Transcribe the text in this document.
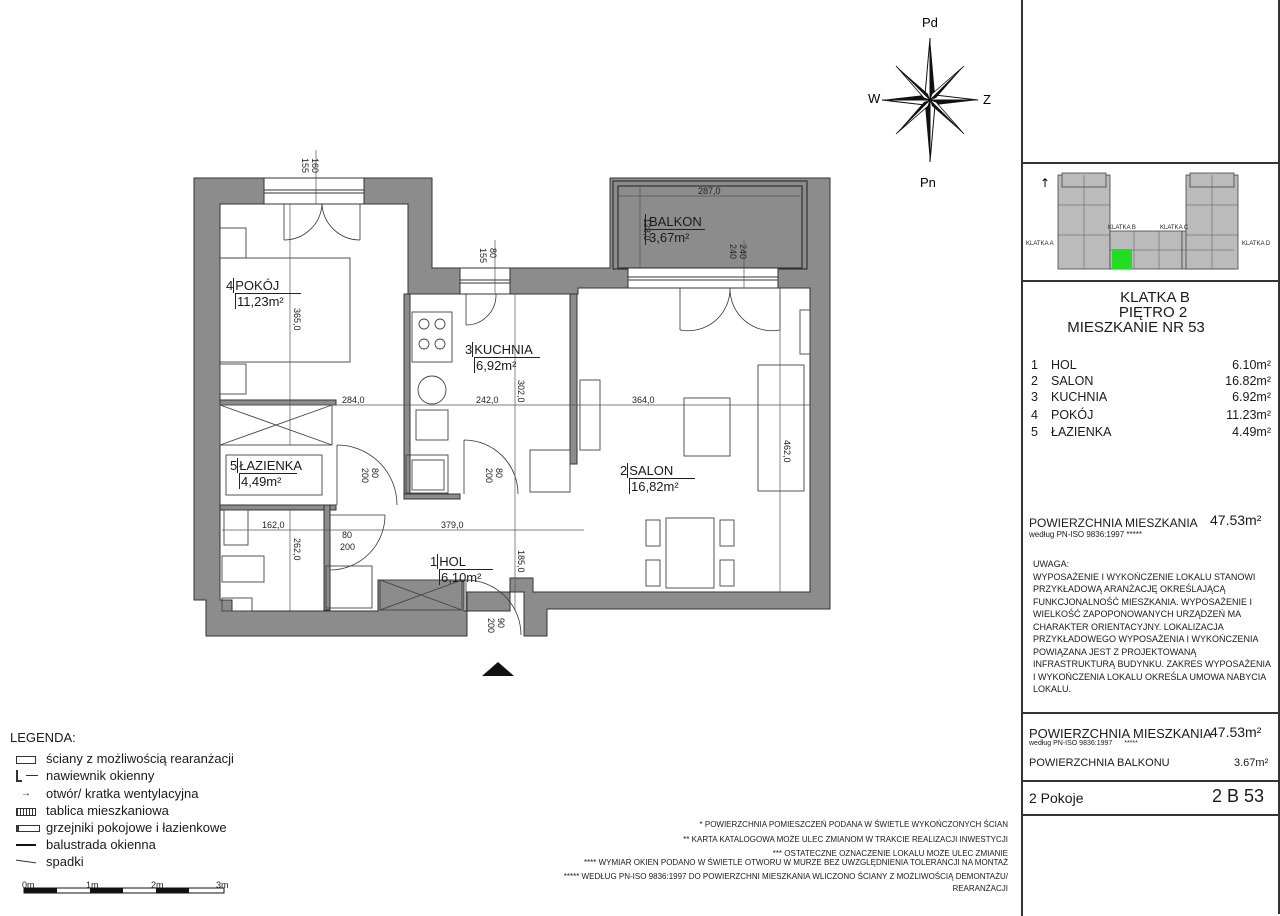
Pd
Pn
W	Z
284,0	242,0	364,0
162,0	379,0
287,0
80
200
365,0
262,0
302,0
185,0
462,0
128,0
160
155
80
155	240
240
80
200	80
200
90
200
4 POKÓJ
11,23m²
3 KUCHNIA
6,92m²
5 ŁAZIENKA
4,49m²
2 SALON
16,82m²
1 HOL
6,10m²
BALKON
3,67m²
↑
KLATKA A
KLATKA B	KLATKA C
KLATKA D
KLATKA B
PIĘTRO 2
MIESZKANIE NR 53
1 HOL	6.10m²
2 SALON	16.82m²
3 KUCHNIA	6.92m²
4 POKÓJ	11.23m²
5 ŁAZIENKA	4.49m²
POWIERZCHNIA MIESZKANIA
według PN-ISO 9836:1997 *****
47.53m²
UWAGA:
WYPOSAŻENIE I WYKOŃCZENIE LOKALU STANOWI
PRZYKŁADOWĄ ARANŻACJĘ OKREŚLAJĄCĄ
FUNKCJONALNOŚĆ MIESZKANIA. WYPOSAŻENIE I
WIELKOŚĆ ZAPOPONOWANYCH URZĄDZEŃ MA
CHARAKTER ORIENTACYJNY. LOKALIZACJA
PRZYKŁADOWEGO WYPOSAŻENIA I WYKOŃCZENIA
POWIĄZANA JEST Z PROJEKTOWANĄ
INFRASTRUKTURĄ BUDYNKU. ZAKRES WYPOSAŻENIA
I WYKOŃCZENIA LOKALU OKREŚLA UMOWA NABYCIA
LOKALU.
POWIERZCHNIA MIESZKANIA
47.53m²
według PN-ISO 9836:1997 *****
POWIERZCHNIA BALKONU	3.67m²
2 Pokoje	2 B 53
LEGENDA:
ściany z możliwością rearanżacji
nawiewnik okienny
→	otwór/ kratka wentylacyjna
tablica mieszkaniowa
grzejniki pokojowe i łazienkowe
balustrada okienna
spadki
0m	1m	2m	3m
* POWIERZCHNIA POMIESZCZEŃ PODANA W ŚWIETLE WYKOŃCZONYCH ŚCIAN
** KARTA KATALOGOWA MOŻE ULEC ZMIANOM W TRAKCIE REALIZACJI INWESTYCJI
*** OSTATECZNE OZNACZENIE LOKALU MOŻE ULEC ZMIANIE
**** WYMIAR OKIEN PODANO W ŚWIETLE OTWORU W MURZE BEZ UWZGLĘDNIENIA TOLERANCJI NA MONTAŻ
***** WEDŁUG PN-ISO 9836:1997 DO POWIERZCHNI MIESZKANIA WLICZONO ŚCIANY Z MOŻLIWOŚCIĄ DEMONTAŻU/
REARANŻACJI
